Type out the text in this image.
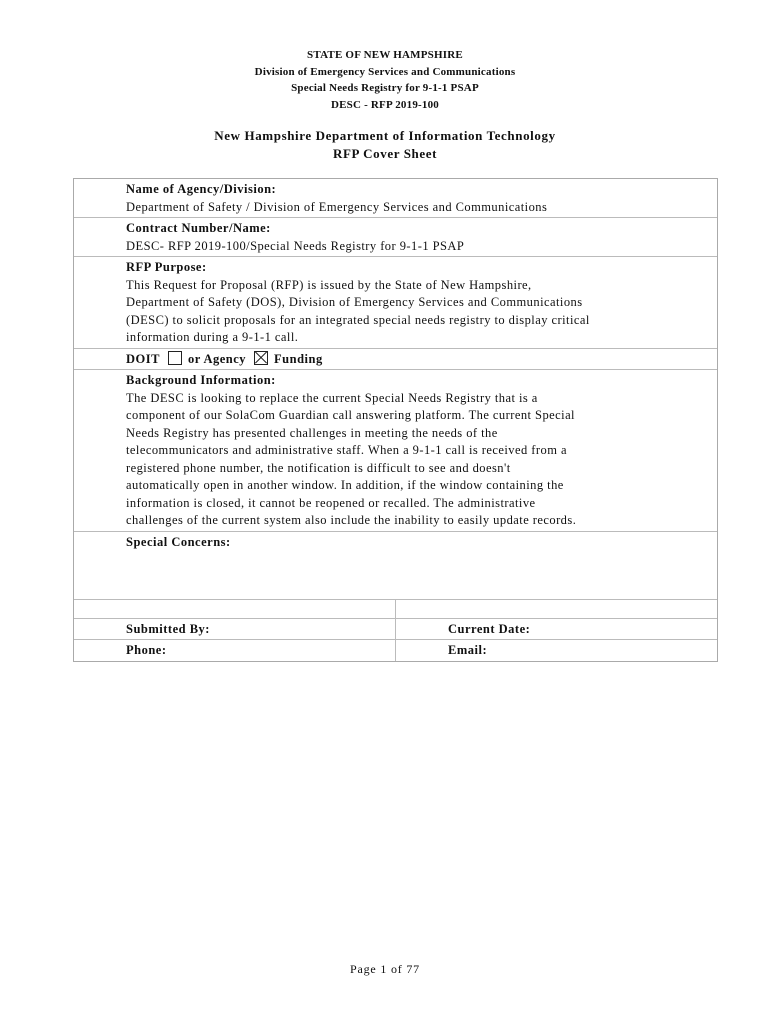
STATE OF NEW HAMPSHIRE
Division of Emergency Services and Communications
Special Needs Registry for 9-1-1 PSAP
DESC - RFP 2019-100
New Hampshire Department of Information Technology
RFP Cover Sheet
Name of Agency/Division:
Department of Safety / Division of Emergency Services and Communications
Contract Number/Name:
DESC- RFP 2019-100/Special Needs Registry for 9-1-1 PSAP
RFP Purpose:
This Request for Proposal (RFP) is issued by the State of New Hampshire,
Department of Safety (DOS), Division of Emergency Services and Communications
(DESC) to solicit proposals for an integrated special needs registry to display critical
information during a 9-1-1 call.
DOIT or Agency Funding
Background Information:
The DESC is looking to replace the current Special Needs Registry that is a
component of our SolaCom Guardian call answering platform. The current Special
Needs Registry has presented challenges in meeting the needs of the
telecommunicators and administrative staff. When a 9-1-1 call is received from a
registered phone number, the notification is difficult to see and doesn't
automatically open in another window. In addition, if the window containing the
information is closed, it cannot be reopened or recalled. The administrative
challenges of the current system also include the inability to easily update records.
Special Concerns:
Submitted By:	Current Date:
Phone:	Email:
Page 1 of 77
